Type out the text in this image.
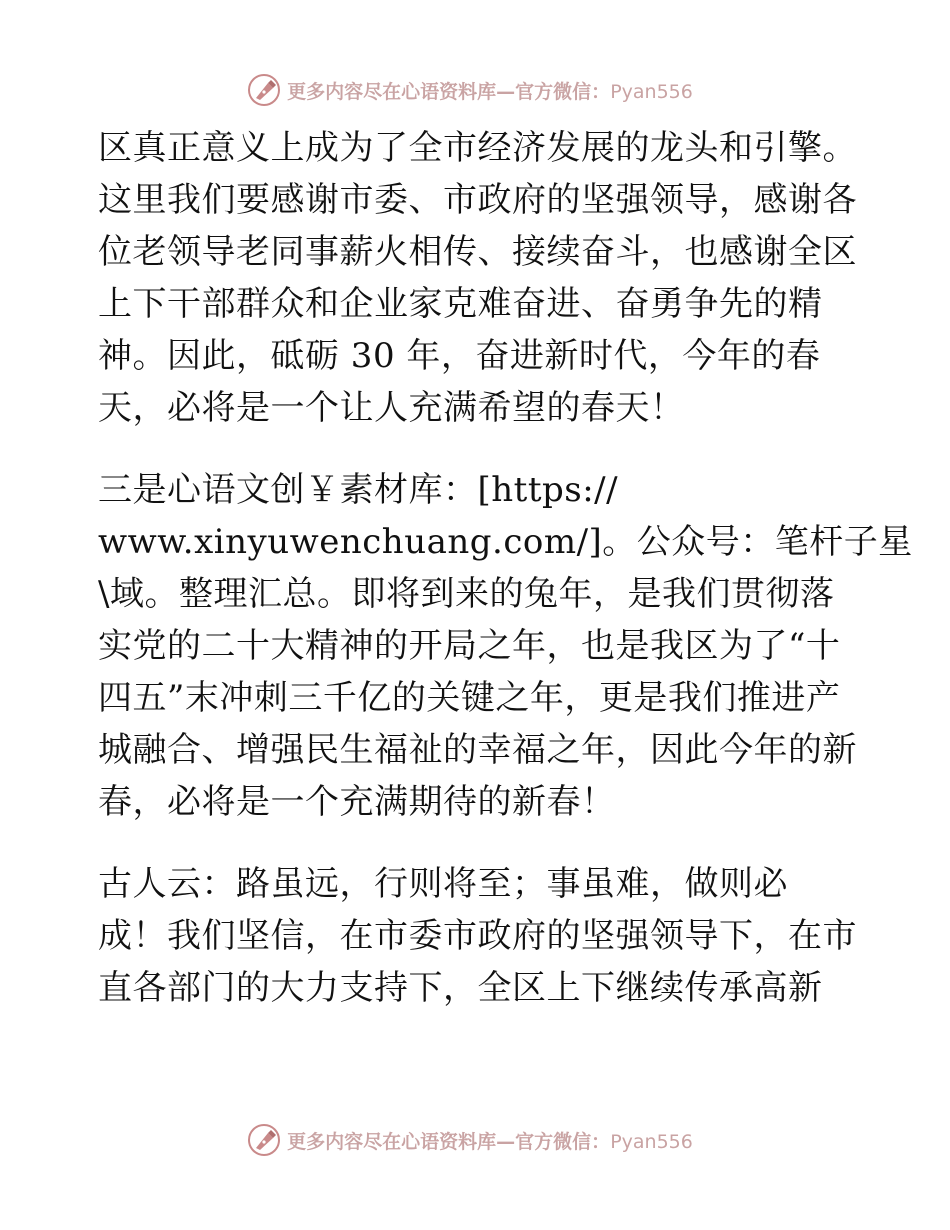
更多内容尽在心语资料库—官方微信：Pyan556
区真正意义上成为了全市经济发展的龙头和引擎。
这里我们要感谢市委、市政府的坚强领导，感谢各
位老领导老同事薪火相传、接续奋斗，也感谢全区
上下干部群众和企业家克难奋进、奋勇争先的精
神。因此，砥砺 30 年，奋进新时代，今年的春
天，必将是一个让人充满希望的春天！
三是心语文创￥素材库：[https://
www.xinyuwenchuang.com/]。公众号：笔杆子星
\域。整理汇总。即将到来的兔年，是我们贯彻落
实党的二十大精神的开局之年，也是我区为了“十
四五”末冲刺三千亿的关键之年，更是我们推进产
城融合、增强民生福祉的幸福之年，因此今年的新
春，必将是一个充满期待的新春！
古人云：路虽远，行则将至；事虽难，做则必
成！我们坚信，在市委市政府的坚强领导下，在市
直各部门的大力支持下，全区上下继续传承高新
更多内容尽在心语资料库—官方微信：Pyan556
